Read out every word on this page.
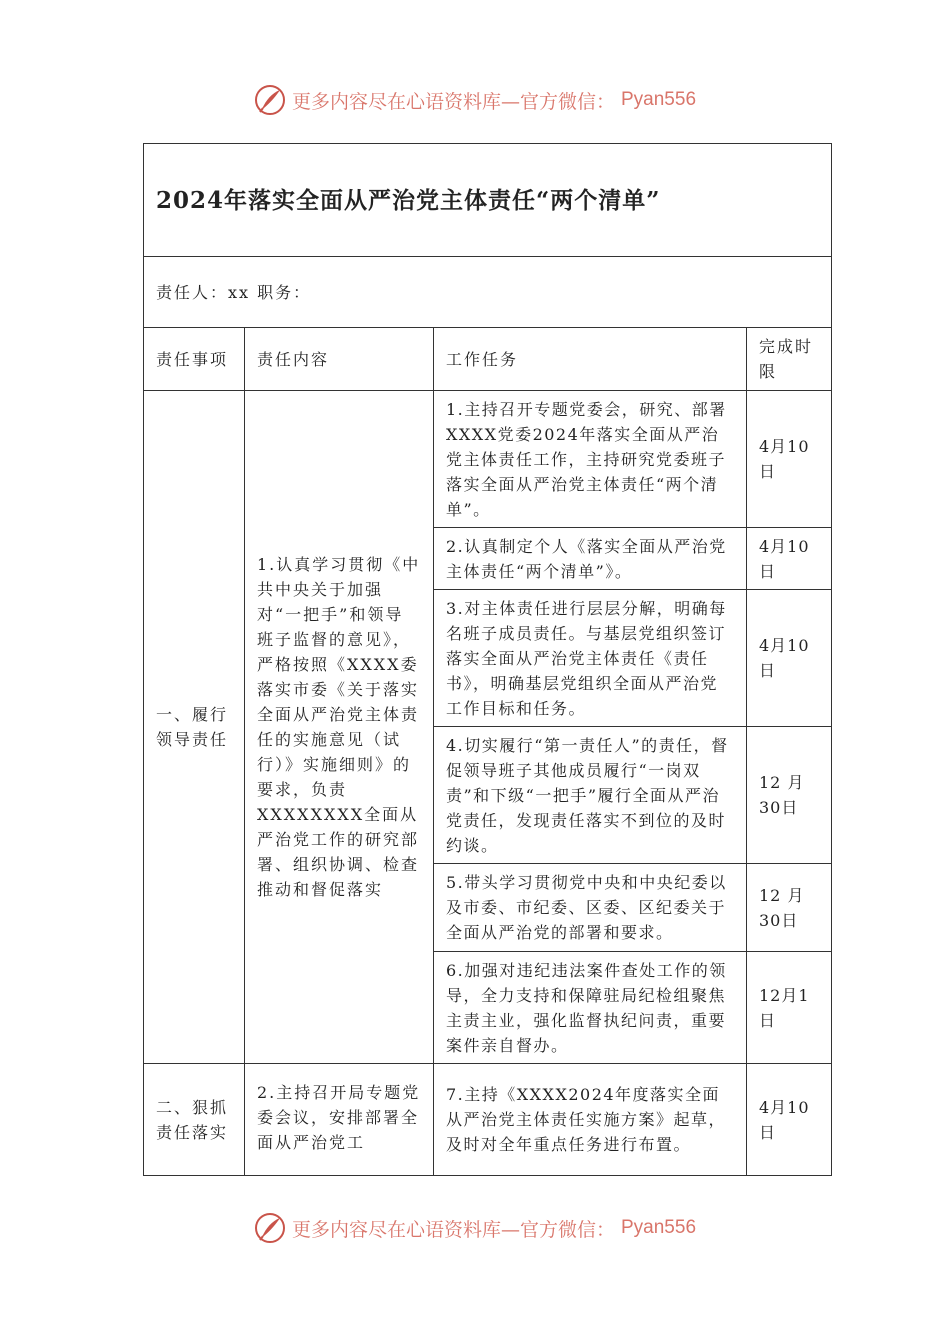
更多内容尽在心语资料库—官方微信： Pyan556
2024年落实全面从严治党主体责任“两个清单”			
责任人：xx 职务：			
责任事项	责任内容	工作任务	完成时限
一、履行领导责任	1.认真学习贯彻《中共中央关于加强对“一把手”和领导班子监督的意见》，严格按照《XXXX委落实市委《关于落实全面从严治党主体责任的实施意见（试行）》实施细则》的要求，负责XXXXXXXX全面从严治党工作的研究部署、组织协调、检查推动和督促落实	1.主持召开专题党委会，研究、部署XXXX党委2024年落实全面从严治党主体责任工作，主持研究党委班子落实全面从严治党主体责任“两个清单”。	4月10日
		2.认真制定个人《落实全面从严治党主体责任“两个清单”》。	4月10日
		3.对主体责任进行层层分解，明确每名班子成员责任。与基层党组织签订落实全面从严治党主体责任《责任书》，明确基层党组织全面从严治党工作目标和任务。	4月10日
		4.切实履行“第一责任人”的责任，督促领导班子其他成员履行“一岗双责”和下级“一把手”履行全面从严治党责任，发现责任落实不到位的及时约谈。	12 月30日
		5.带头学习贯彻党中央和中央纪委以及市委、市纪委、区委、区纪委关于全面从严治党的部署和要求。	12 月30日
		6.加强对违纪违法案件查处工作的领导，全力支持和保障驻局纪检组聚焦主责主业，强化监督执纪问责，重要案件亲自督办。	12月1日
二、狠抓责任落实	2.主持召开局专题党委会议，安排部署全面从严治党工	7.主持《XXXX2024年度落实全面从严治党主体责任实施方案》起草，及时对全年重点任务进行布置。	4月10日
更多内容尽在心语资料库—官方微信： Pyan556
